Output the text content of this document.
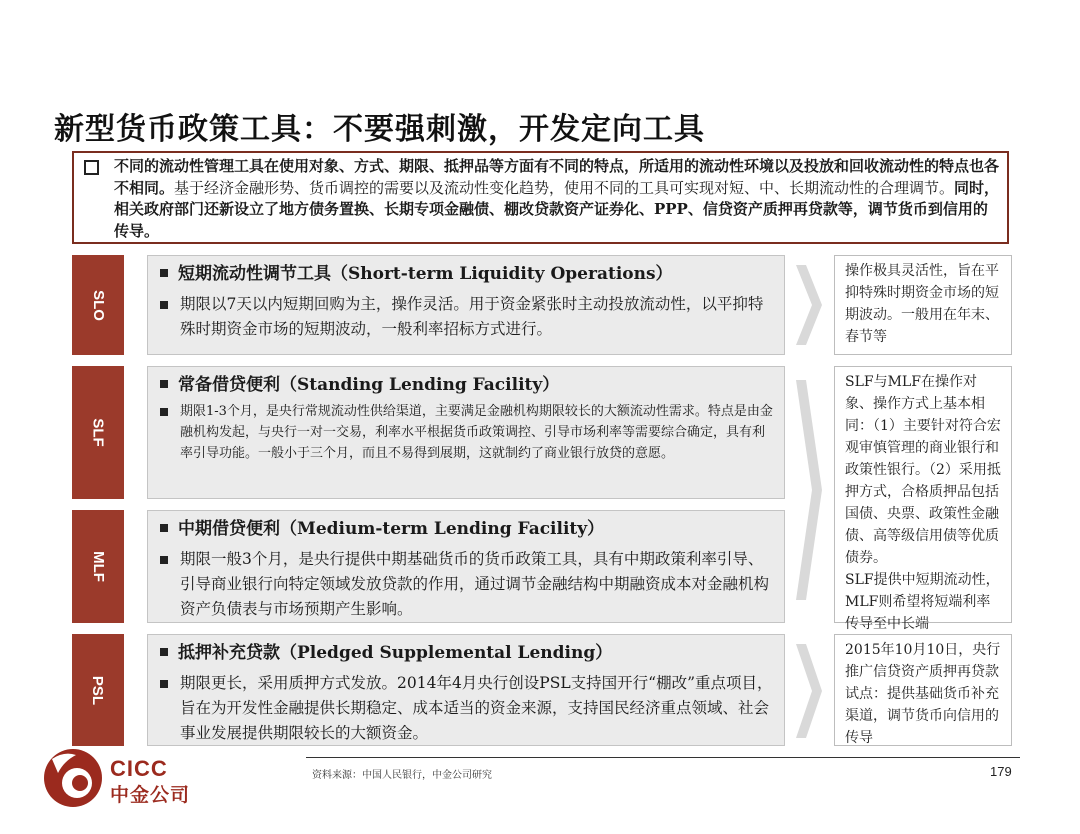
新型货币政策工具：不要强刺激，开发定向工具
不同的流动性管理工具在使用对象、方式、期限、抵押品等方面有不同的特点，所适用的流动性环境以及投放和回收流动性的特点也各不相同。基于经济金融形势、货币调控的需要以及流动性变化趋势，使用不同的工具可实现对短、中、长期流动性的合理调节。同时，相关政府部门还新设立了地方债务置换、长期专项金融债、棚改贷款资产证券化、PPP、信贷资产质押再贷款等，调节货币到信用的传导。
SLO
短期流动性调节工具（Short-term Liquidity Operations）
期限以7天以内短期回购为主，操作灵活。用于资金紧张时主动投放流动性，以平抑特殊时期资金市场的短期波动，一般利率招标方式进行。
SLF
常备借贷便利（Standing Lending Facility）
期限1-3个月，是央行常规流动性供给渠道，主要满足金融机构期限较长的大额流动性需求。特点是由金融机构发起，与央行一对一交易，利率水平根据货币政策调控、引导市场利率等需要综合确定，具有利率引导功能。一般小于三个月，而且不易得到展期，这就制约了商业银行放贷的意愿。
MLF
中期借贷便利（Medium-term Lending Facility）
期限一般3个月，是央行提供中期基础货币的货币政策工具，具有中期政策利率引导、引导商业银行向特定领域发放贷款的作用，通过调节金融结构中期融资成本对金融机构资产负债表与市场预期产生影响。
PSL
抵押补充贷款（Pledged Supplemental Lending）
期限更长，采用质押方式发放。2014年4月央行创设PSL支持国开行“棚改”重点项目，旨在为开发性金融提供长期稳定、成本适当的资金来源，支持国民经济重点领域、社会事业发展提供期限较长的大额资金。
操作极具灵活性，旨在平抑特殊时期资金市场的短期波动。一般用在年末、春节等
SLF与MLF在操作对象、操作方式上基本相同：（1）主要针对符合宏观审慎管理的商业银行和政策性银行。（2）采用抵押方式，合格质押品包括国债、央票、政策性金融债、高等级信用债等优质债券。
SLF提供中短期流动性，MLF则希望将短端利率传导至中长端
2015年10月10日，央行推广信贷资产质押再贷款试点：提供基础货币补充渠道，调节货币向信用的传导
CICC
中金公司
资料来源：中国人民银行，中金公司研究	179
